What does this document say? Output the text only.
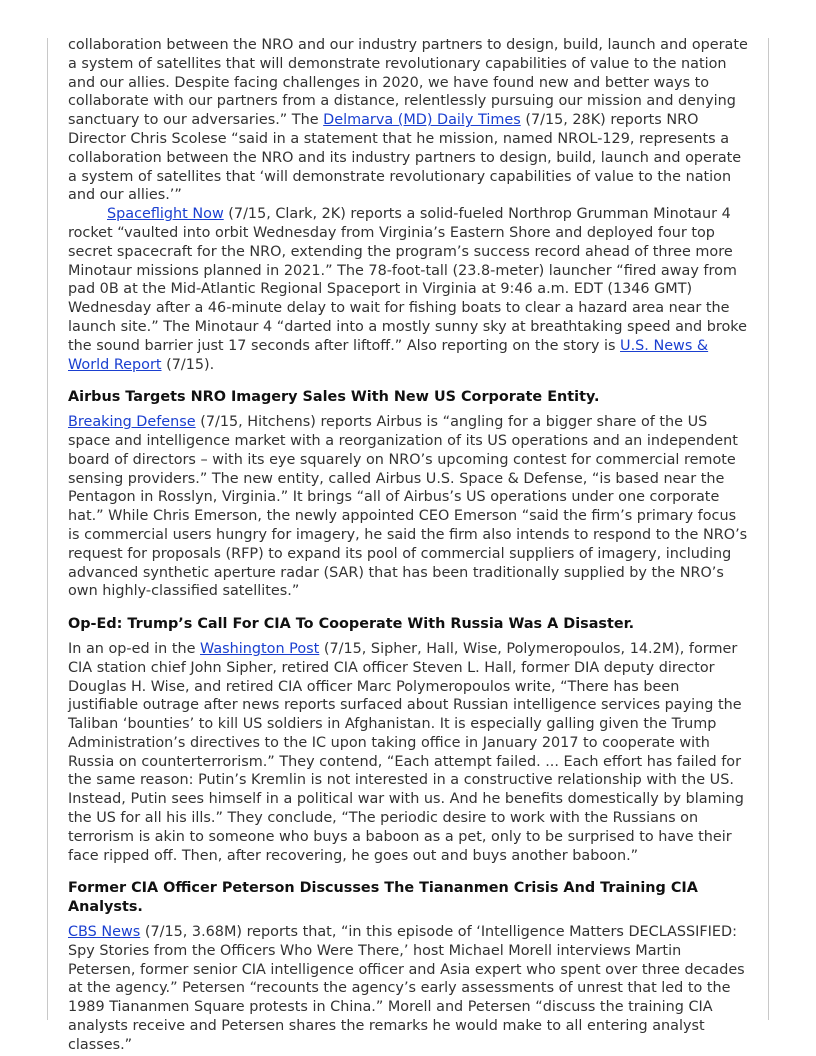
collaboration between the NRO and our industry partners to design, build, launch and operate a system of satellites that will demonstrate revolutionary capabilities of value to the nation and our allies. Despite facing challenges in 2020, we have found new and better ways to collaborate with our partners from a distance, relentlessly pursuing our mission and denying sanctuary to our adversaries.” The Delmarva (MD) Daily Times (7/15, 28K) reports NRO Director Chris Scolese “said in a statement that he mission, named NROL-129, represents a collaboration between the NRO and its industry partners to design, build, launch and operate a system of satellites that ‘will demonstrate revolutionary capabilities of value to the nation and our allies.’”

Spaceflight Now (7/15, Clark, 2K) reports a solid-fueled Northrop Grumman Minotaur 4 rocket “vaulted into orbit Wednesday from Virginia’s Eastern Shore and deployed four top secret spacecraft for the NRO, extending the program’s success record ahead of three more Minotaur missions planned in 2021.” The 78-foot-tall (23.8-meter) launcher “fired away from pad 0B at the Mid-Atlantic Regional Spaceport in Virginia at 9:46 a.m. EDT (1346 GMT) Wednesday after a 46-minute delay to wait for fishing boats to clear a hazard area near the launch site.” The Minotaur 4 “darted into a mostly sunny sky at breathtaking speed and broke the sound barrier just 17 seconds after liftoff.” Also reporting on the story is U.S. News & World Report (7/15).

Airbus Targets NRO Imagery Sales With New US Corporate Entity.

Breaking Defense (7/15, Hitchens) reports Airbus is “angling for a bigger share of the US space and intelligence market with a reorganization of its US operations and an independent board of directors – with its eye squarely on NRO’s upcoming contest for commercial remote sensing providers.” The new entity, called Airbus U.S. Space & Defense, “is based near the Pentagon in Rosslyn, Virginia.” It brings “all of Airbus’s US operations under one corporate hat.” While Chris Emerson, the newly appointed CEO Emerson “said the firm’s primary focus is commercial users hungry for imagery, he said the firm also intends to respond to the NRO’s request for proposals (RFP) to expand its pool of commercial suppliers of imagery, including advanced synthetic aperture radar (SAR) that has been traditionally supplied by the NRO’s own highly-classified satellites.”

Op-Ed: Trump’s Call For CIA To Cooperate With Russia Was A Disaster.

In an op-ed in the Washington Post (7/15, Sipher, Hall, Wise, Polymeropoulos, 14.2M), former CIA station chief John Sipher, retired CIA officer Steven L. Hall, former DIA deputy director Douglas H. Wise, and retired CIA officer Marc Polymeropoulos write, “There has been justifiable outrage after news reports surfaced about Russian intelligence services paying the Taliban ‘bounties’ to kill US soldiers in Afghanistan. It is especially galling given the Trump Administration’s directives to the IC upon taking office in January 2017 to cooperate with Russia on counterterrorism.” They contend, “Each attempt failed. ... Each effort has failed for the same reason: Putin’s Kremlin is not interested in a constructive relationship with the US. Instead, Putin sees himself in a political war with us. And he benefits domestically by blaming the US for all his ills.” They conclude, “The periodic desire to work with the Russians on terrorism is akin to someone who buys a baboon as a pet, only to be surprised to have their face ripped off. Then, after recovering, he goes out and buys another baboon.”

Former CIA Officer Peterson Discusses The Tiananmen Crisis And Training CIA Analysts.

CBS News (7/15, 3.68M) reports that, “in this episode of ‘Intelligence Matters DECLASSIFIED: Spy Stories from the Officers Who Were There,’ host Michael Morell interviews Martin Petersen, former senior CIA intelligence officer and Asia expert who spent over three decades at the agency.” Petersen “recounts the agency’s early assessments of unrest that led to the 1989 Tiananmen Square protests in China.” Morell and Petersen “discuss the training CIA analysts receive and Petersen shares the remarks he would make to all entering analyst classes.”
